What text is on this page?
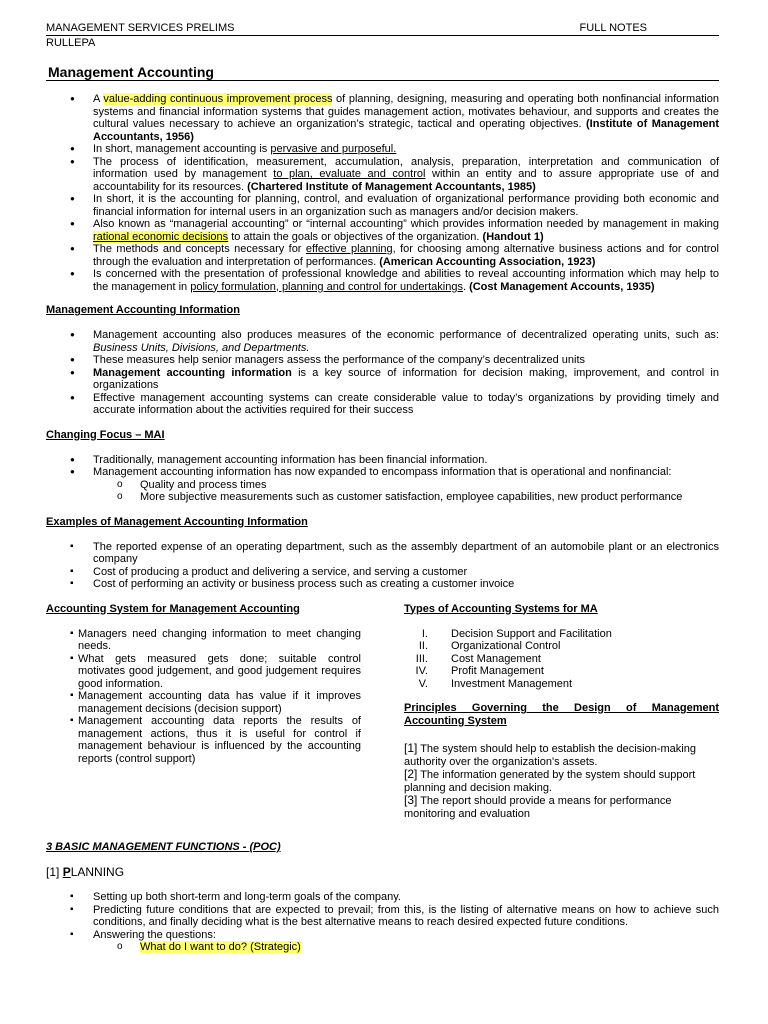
MANAGEMENT SERVICES PRELIMS	FULL NOTES
RULLEPA
Management Accounting
● A value-adding continuous improvement process of planning, designing, measuring and operating both nonfinancial information systems and financial information systems that guides management action, motivates behaviour, and supports and creates the cultural values necessary to achieve an organization’s strategic, tactical and operating objectives. (Institute of Management Accountants, 1956)
● In short, management accounting is pervasive and purposeful.
● The process of identification, measurement, accumulation, analysis, preparation, interpretation and communication of information used by management to plan, evaluate and control within an entity and to assure appropriate use of and accountability for its resources. (Chartered Institute of Management Accountants, 1985)
● In short, it is the accounting for planning, control, and evaluation of organizational performance providing both economic and financial information for internal users in an organization such as managers and/or decision makers.
● Also known as “managerial accounting” or “internal accounting” which provides information needed by management in making rational economic decisions to attain the goals or objectives of the organization. (Handout 1)
● The methods and concepts necessary for effective planning, for choosing among alternative business actions and for control through the evaluation and interpretation of performances. (American Accounting Association, 1923)
● Is concerned with the presentation of professional knowledge and abilities to reveal accounting information which may help to the management in policy formulation, planning and control for undertakings. (Cost Management Accounts, 1935)

Management Accounting Information

● Management accounting also produces measures of the economic performance of decentralized operating units, such as: Business Units, Divisions, and Departments.
● These measures help senior managers assess the performance of the company’s decentralized units
● Management accounting information is a key source of information for decision making, improvement, and control in organizations
● Effective management accounting systems can create considerable value to today’s organizations by providing timely and accurate information about the activities required for their success

Changing Focus – MAI

● Traditionally, management accounting information has been financial information.
● Management accounting information has now expanded to encompass information that is operational and nonfinancial:
o Quality and process times
o More subjective measurements such as customer satisfaction, employee capabilities, new product performance

Examples of Management Accounting Information

▪ The reported expense of an operating department, such as the assembly department of an automobile plant or an electronics company
▪ Cost of producing a product and delivering a service, and serving a customer
▪ Cost of performing an activity or business process such as creating a customer invoice

Accounting System for Management Accounting

▪ Managers need changing information to meet changing needs.
▪ What gets measured gets done; suitable control motivates good judgement, and good judgement requires good information.
▪ Management accounting data has value if it improves management decisions (decision support)
▪ Management accounting data reports the results of management actions, thus it is useful for control if management behaviour is influenced by the accounting reports (control support)

Types of Accounting Systems for MA

I. Decision Support and Facilitation
II. Organizational Control
III. Cost Management
IV. Profit Management
V. Investment Management

Principles Governing the Design of Management Accounting System

[1] The system should help to establish the decision-making authority over the organization's assets.
[2] The information generated by the system should support planning and decision making.
[3] The report should provide a means for performance monitoring and evaluation

3 BASIC MANAGEMENT FUNCTIONS - (POC)

[1] PLANNING
▪ Setting up both short-term and long-term goals of the company.
▪ Predicting future conditions that are expected to prevail; from this, is the listing of alternative means on how to achieve such conditions, and finally deciding what is the best alternative means to reach desired expected future conditions.
▪ Answering the questions:
o What do I want to do? (Strategic)
